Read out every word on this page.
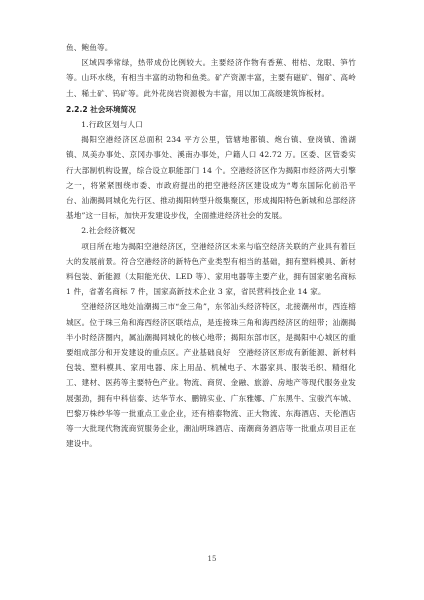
鱼、鲍鱼等。

区域四季常绿，热带成份比例较大。主要经济作物有香蕉、柑桔、龙眼、笋竹等。山环水绕，有相当丰富的动物和鱼类。矿产资源丰富，主要有磁矿、锡矿、高岭土、稀土矿、钨矿等。此外花岗岩资源极为丰富，用以加工高级建筑饰板材。

2.2.2 社会环境简况

1.行政区划与人口

揭阳空港经济区总面积 234 平方公里，管辖地都镇、炮台镇、登岗镇、渔湖镇、凤美办事处、京冈办事处、溪南办事处，户籍人口 42.72 万。区委、区管委实行大部制机构设置，综合设立职能部门 14 个。空港经济区作为揭阳市经济两大引擎之一，将紧紧围绕市委、市政府提出的把空港经济区建设成为“粤东国际化前沿平台、汕潮揭同城化先行区、推动揭阳转型升级集聚区，形成揭阳特色新城和总部经济基地”这一目标，加快开发建设步伐，全面推进经济社会的发展。

2.社会经济概况

项目所在地为揭阳空港经济区，空港经济区未来与临空经济关联的产业具有着巨大的发展前景。符合空港经济的新特色产业类型有相当的基础，拥有塑料模具、新材料包装、新能源（太阳能光伏、LED 等）、家用电器等主要产业，拥有国家驰名商标 1 件，省著名商标 7 件，国家高新技术企业 3 家，省民营科技企业 14 家。

空港经济区地处汕潮揭三市“金三角”，东邻汕头经济特区，北接潮州市，西连榕城区。位于珠三角和海西经济区联结点，是连接珠三角和海西经济区的纽带；汕潮揭半小时经济圈内，属汕潮揭同城化的核心地带；揭阳东部市区，是揭阳中心城区的重要组成部分和开发建设的重点区。产业基础良好　空港经济区形成有新能源、新材料包装、塑料模具、家用电器、床上用品、机械电子、木器家具、服装毛织、精细化工、建材、医药等主要特色产业。物流、商贸、金融、旅游、房地产等现代服务业发展强劲，拥有中科信泰、达华节水、鹏锦实业、广东雅娜、广东黑牛、宝骏汽车城、巴黎万株纱华等一批重点工业企业，还有榕泰物流、正大物流、东海酒店、天伦酒店等一大批现代物流商贸服务企业，潮汕明珠酒店、南潮商务酒店等一批重点项目正在建设中。

15
